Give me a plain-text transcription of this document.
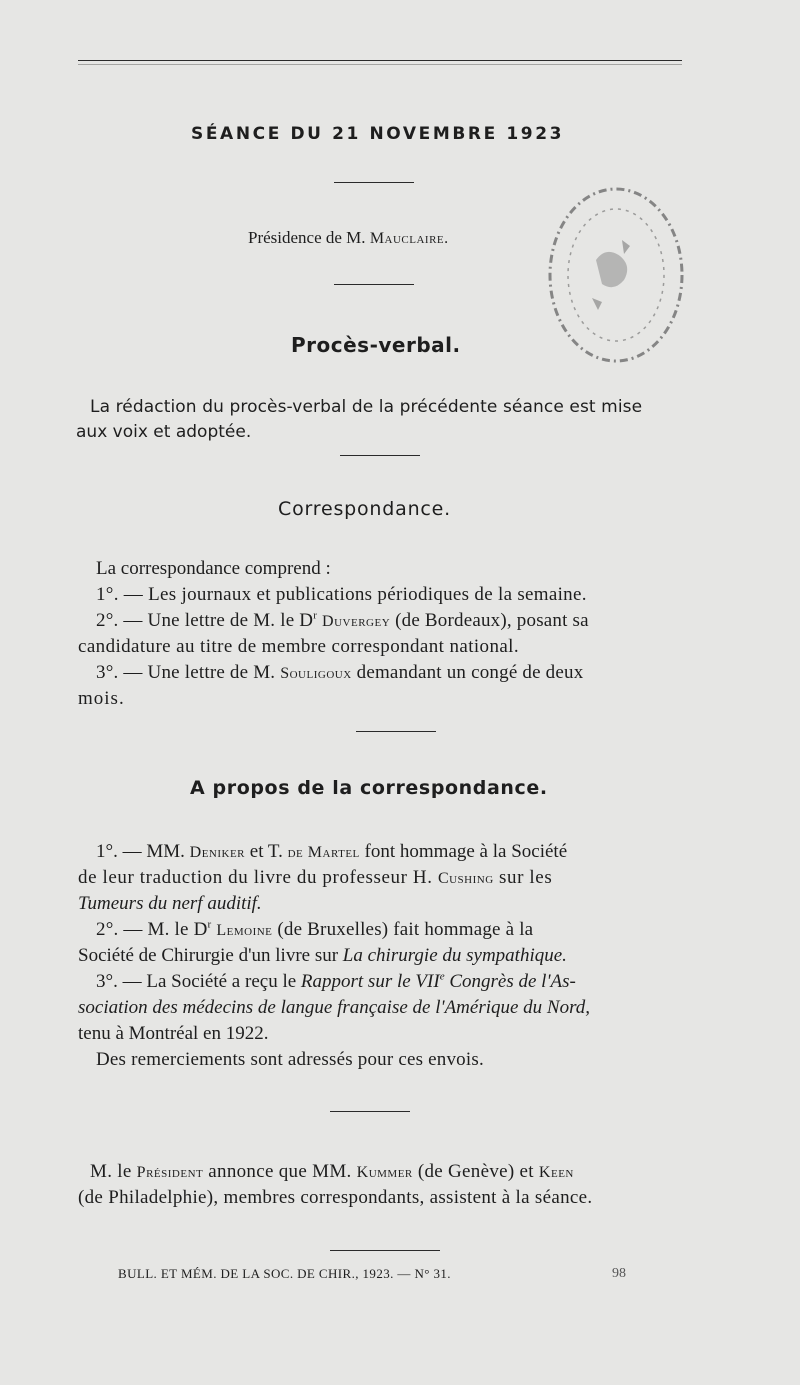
SÉANCE DU 21 NOVEMBRE 1923
Présidence de M. Mauclaire.
Procès-verbal.
La rédaction du procès-verbal de la précédente séance est mise
aux voix et adoptée.
Correspondance.
La correspondance comprend :
1°. — Les journaux et publications périodiques de la semaine.
2°. — Une lettre de M. le $D^r$ Duvergey (de Bordeaux), posant sa
candidature au titre de membre correspondant national.
3°. — Une lettre de M. Souligoux demandant un congé de deux
mois.
A propos de la correspondance.
1°. — MM. Deniker et T. de Martel font hommage à la Société
de leur traduction du livre du professeur H. Cushing sur les
Tumeurs du nerf auditif.
2°. — M. le $D^r$ Lemoine (de Bruxelles) fait hommage à la
Société de Chirurgie d'un livre sur La chirurgie du sympathique.
3°. — La Société a reçu le Rapport sur le VIIe Congrès de l'As-
sociation des médecins de langue française de l'Amérique du Nord,
tenu à Montréal en 1922.
Des remerciements sont adressés pour ces envois.
M. le Président annonce que MM. Kummer (de Genève) et Keen
(de Philadelphie), membres correspondants, assistent à la séance.
BULL. ET MÉM. DE LA SOC. DE CHIR., 1923. — N° 31.	98
